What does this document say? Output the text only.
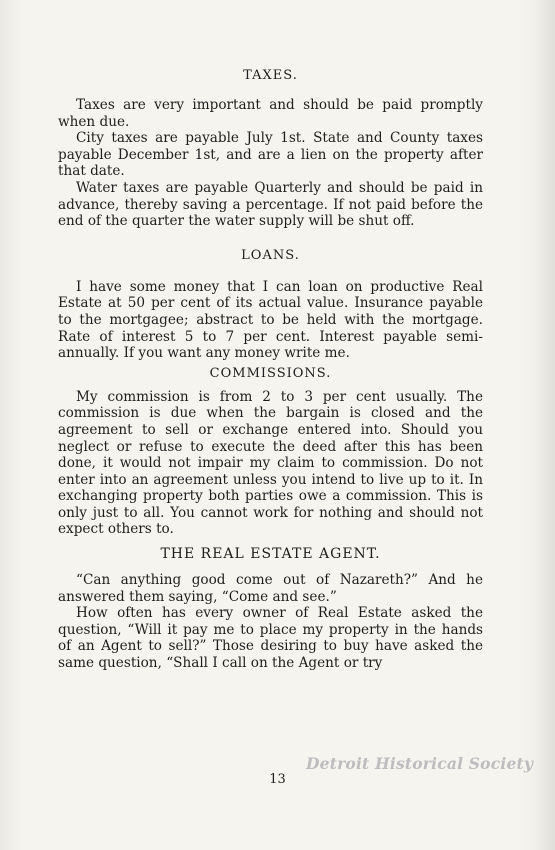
TAXES.

Taxes are very important and should be paid promptly when due.

City taxes are payable July 1st. State and County taxes payable December 1st, and are a lien on the property after that date.

Water taxes are payable Quarterly and should be paid in advance, thereby saving a percentage. If not paid before the end of the quarter the water supply will be shut off.

LOANS.

I have some money that I can loan on productive Real Estate at 50 per cent of its actual value. Insurance payable to the mortgagee; abstract to be held with the mortgage. Rate of interest 5 to 7 per cent. Interest payable semi-annually. If you want any money write me.

COMMISSIONS.

My commission is from 2 to 3 per cent usually. The commission is due when the bargain is closed and the agreement to sell or exchange entered into. Should you neglect or refuse to execute the deed after this has been done, it would not impair my claim to commission. Do not enter into an agreement unless you intend to live up to it. In exchanging property both parties owe a commission. This is only just to all. You cannot work for nothing and should not expect others to.

THE REAL ESTATE AGENT.

“Can anything good come out of Nazareth?” And he answered them saying, “Come and see.”

How often has every owner of Real Estate asked the question, “Will it pay me to place my property in the hands of an Agent to sell?” Those desiring to buy have asked the same question, “Shall I call on the Agent or try

Detroit Historical Society
13
